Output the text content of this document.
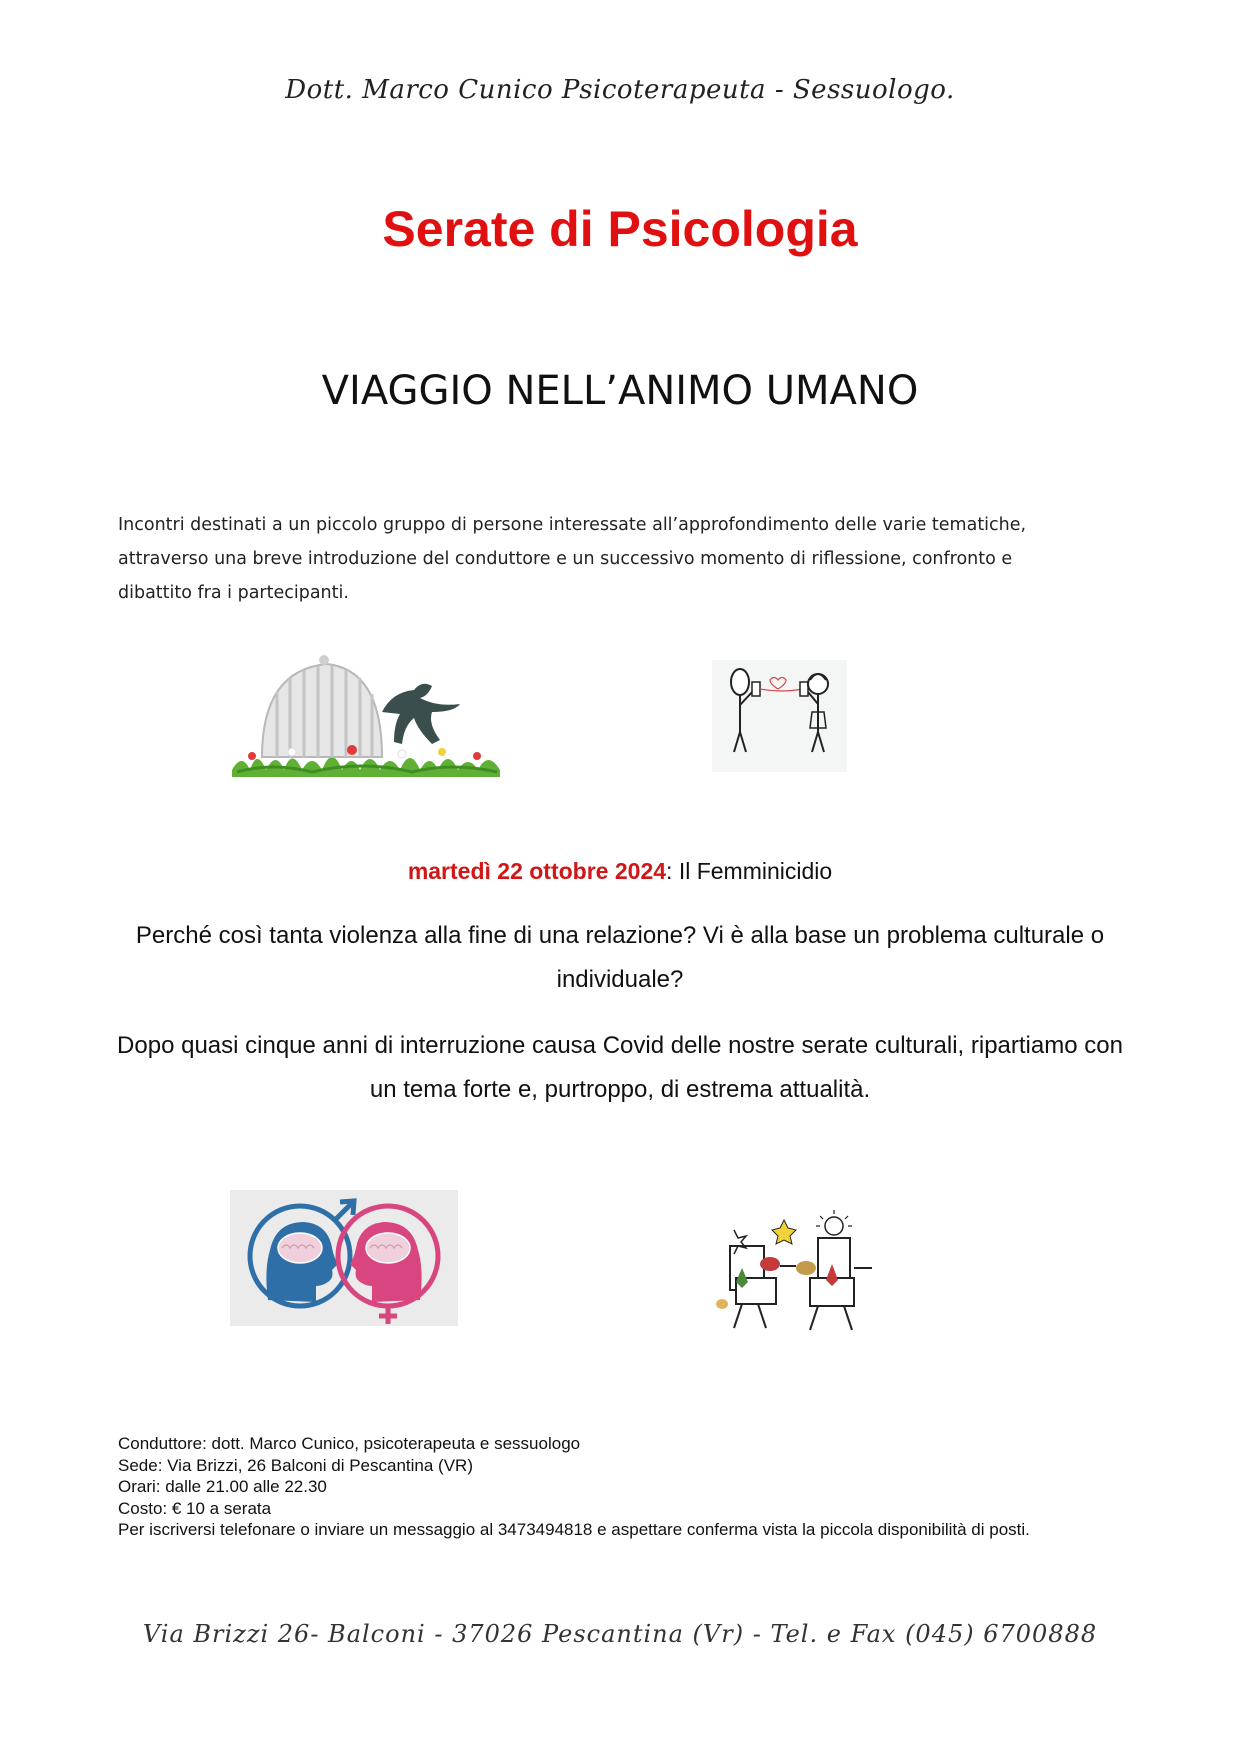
Dott. Marco Cunico Psicoterapeuta - Sessuologo.
Serate di Psicologia
VIAGGIO NELL’ANIMO UMANO

Incontri destinati a un piccolo gruppo di persone interessate all’approfondimento delle varie tematiche,

attraverso una breve introduzione del conduttore e un successivo momento di riflessione, confronto e

dibattito fra i partecipanti.

martedì 22 ottobre 2024: Il Femminicidio

Perché così tanta violenza alla fine di una relazione? Vi è alla base un problema culturale o individuale?

Dopo quasi cinque anni di interruzione causa Covid delle nostre serate culturali, ripartiamo con un tema forte e, purtroppo, di estrema attualità.

Conduttore: dott. Marco Cunico, psicoterapeuta e sessuologo
Sede: Via Brizzi, 26 Balconi di Pescantina (VR)
Orari: dalle 21.00 alle 22.30
Costo: € 10 a serata
Per iscriversi telefonare o inviare un messaggio al 3473494818 e aspettare conferma vista la piccola disponibilità di posti.
Via Brizzi 26- Balconi - 37026 Pescantina (Vr) - Tel. e Fax (045) 6700888
